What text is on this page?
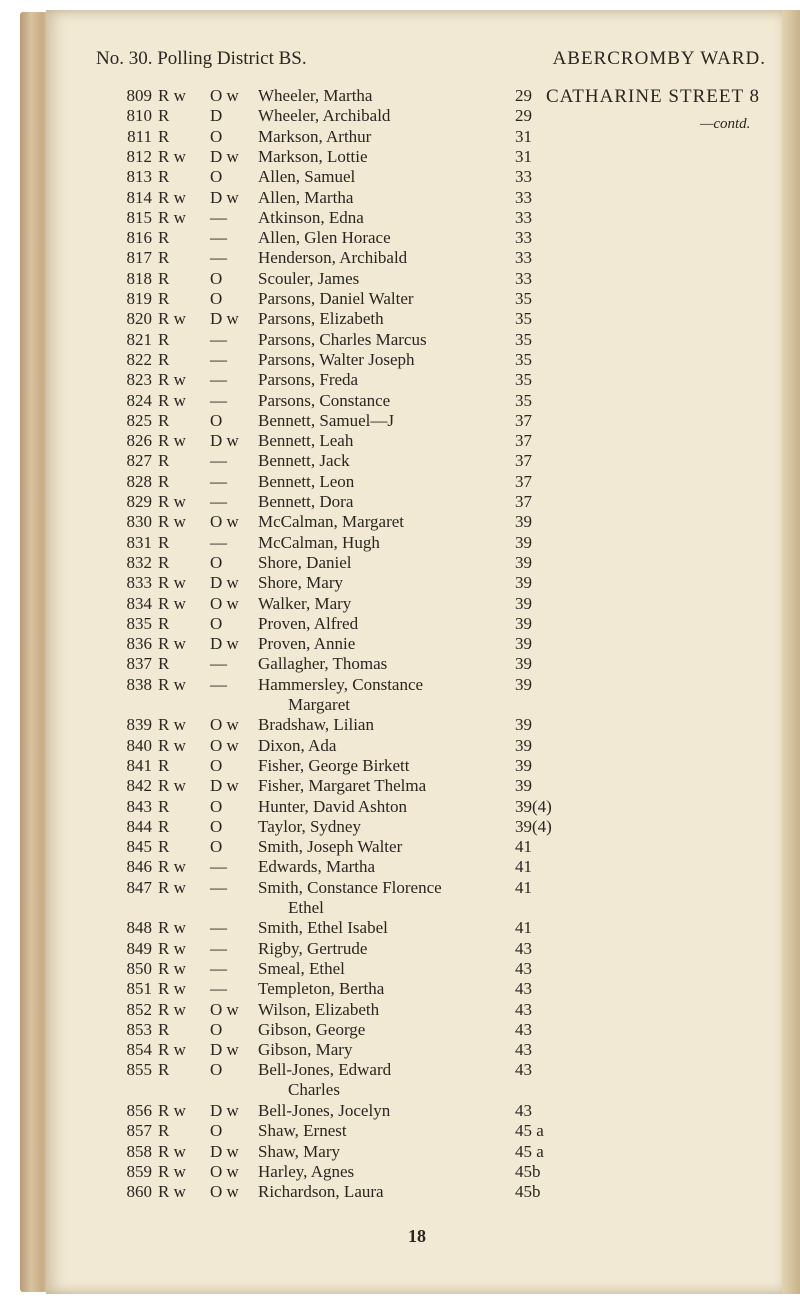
No. 30. Polling District BS.	ABERCROMBY WARD.
CATHARINE STREET 8
—contd.
809 R w O w Wheeler, Martha	29
810 R D Wheeler, Archibald	29
811 R O Markson, Arthur	31
812 R w D w Markson, Lottie	31
813 R O Allen, Samuel	33
814 R w D w Allen, Martha	33
815 R w — Atkinson, Edna	33
816 R — Allen, Glen Horace	33
817 R — Henderson, Archibald	33
818 R O Scouler, James	33
819 R O Parsons, Daniel Walter	35
820 R w D w Parsons, Elizabeth	35
821 R — Parsons, Charles Marcus	35
822 R — Parsons, Walter Joseph	35
823 R w — Parsons, Freda	35
824 R w — Parsons, Constance	35
825 R O Bennett, Samuel—J	37
826 R w D w Bennett, Leah	37
827 R — Bennett, Jack	37
828 R — Bennett, Leon	37
829 R w — Bennett, Dora	37
830 R w O w McCalman, Margaret	39
831 R — McCalman, Hugh	39
832 R O Shore, Daniel	39
833 R w D w Shore, Mary	39
834 R w O w Walker, Mary	39
835 R O Proven, Alfred	39
836 R w D w Proven, Annie	39
837 R — Gallagher, Thomas	39
838 R w — Hammersley, Constance	39
Margaret
839 R w O w Bradshaw, Lilian	39
840 R w O w Dixon, Ada	39
841 R O Fisher, George Birkett	39
842 R w D w Fisher, Margaret Thelma	39
843 R O Hunter, David Ashton	39(4)
844 R O Taylor, Sydney	39(4)
845 R O Smith, Joseph Walter	41
846 R w — Edwards, Martha	41
847 R w — Smith, Constance Florence	41
Ethel
848 R w — Smith, Ethel Isabel	41
849 R w — Rigby, Gertrude	43
850 R w — Smeal, Ethel	43
851 R w — Templeton, Bertha	43
852 R w O w Wilson, Elizabeth	43
853 R O Gibson, George	43
854 R w D w Gibson, Mary	43
855 R O Bell-Jones, Edward	43
Charles
856 R w D w Bell-Jones, Jocelyn	43
857 R O Shaw, Ernest	45 a
858 R w D w Shaw, Mary	45 a
859 R w O w Harley, Agnes	45b
860 R w O w Richardson, Laura	45b
18
